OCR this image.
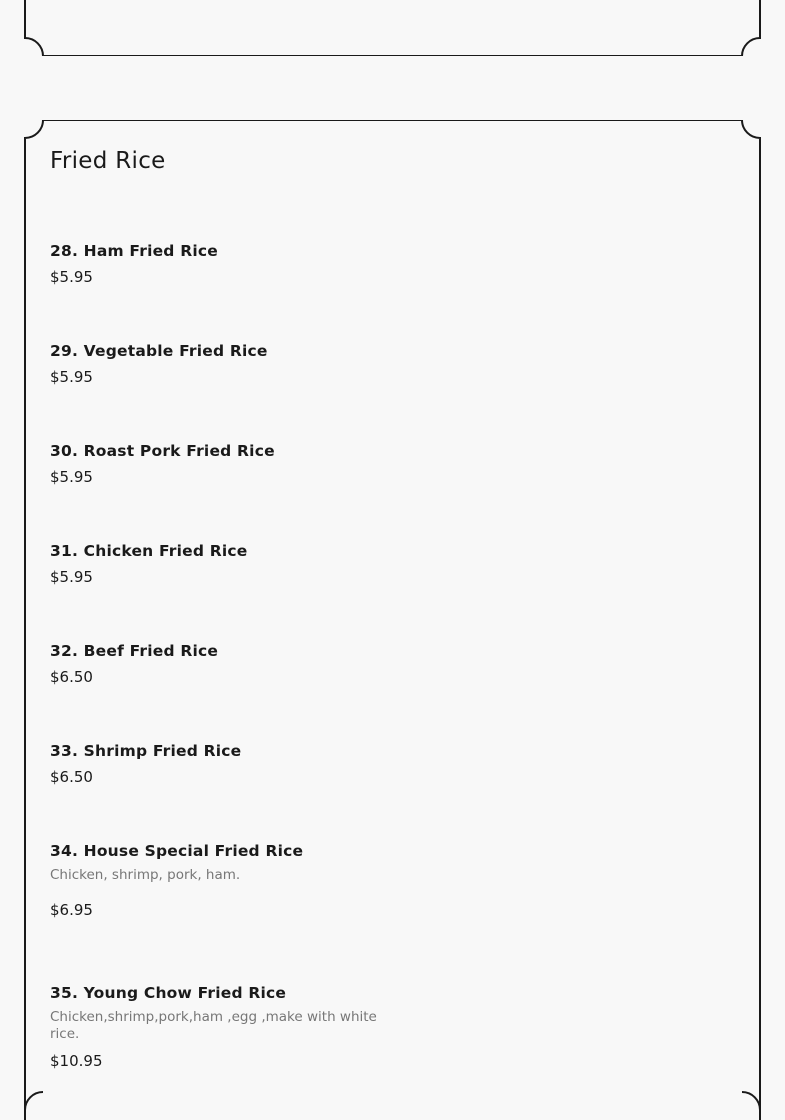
Fried Rice
28. Ham Fried Rice
$5.95
29. Vegetable Fried Rice
$5.95
30. Roast Pork Fried Rice
$5.95
31. Chicken Fried Rice
$5.95
32. Beef Fried Rice
$6.50
33. Shrimp Fried Rice
$6.50
34. House Special Fried Rice
Chicken, shrimp, pork, ham.
$6.95
35. Young Chow Fried Rice
Chicken,shrimp,pork,ham ,egg ,make with white rice.
$10.95
